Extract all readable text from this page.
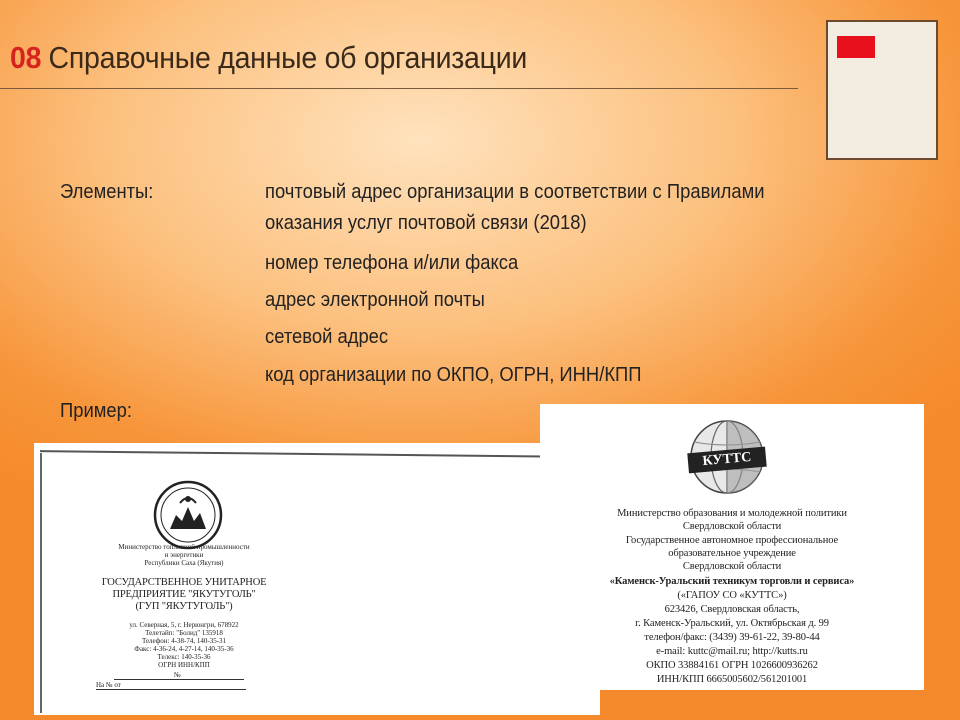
08 Справочные данные об организации
Элементы:	почтовый адрес организации в соответствии с Правилами
оказания услуг почтовой связи (2018)
номер телефона и/или факса
адрес электронной почты
сетевой адрес
код организации по ОКПО, ОГРН, ИНН/КПП
Пример:
Министерство топливной промышленности
и энергетики
Республики Саха (Якутия)
ГОСУДАРСТВЕННОЕ УНИТАРНОЕ
ПРЕДПРИЯТИЕ "ЯКУТУГОЛЬ"
(ГУП "ЯКУТУГОЛЬ")
ул. Северная, 5, г. Нерюнгри, 678922
Телетайп: "Болид" 135918
Телефон: 4-38-74, 140-35-31
Факс: 4-36-24, 4-27-14, 140-35-36
Телекс: 140-35-36
ОГРН ИНН/КПП
№
На № от
КУТТС
Министерство образования и молодежной политики
Свердловской области
Государственное автономное профессиональное
образовательное учреждение
Свердловской области
«Каменск-Уральский техникум торговли и сервиса»
(«ГАПОУ СО «КУТТС»)
623426, Свердловская область,
г. Каменск-Уральский, ул. Октябрьская д. 99
телефон/факс: (3439) 39-61-22, 39-80-44
e-mail: kuttc@mail.ru; http://kutts.ru
ОКПО 33884161 ОГРН 1026600936262
ИНН/КПП 6665005602/561201001
